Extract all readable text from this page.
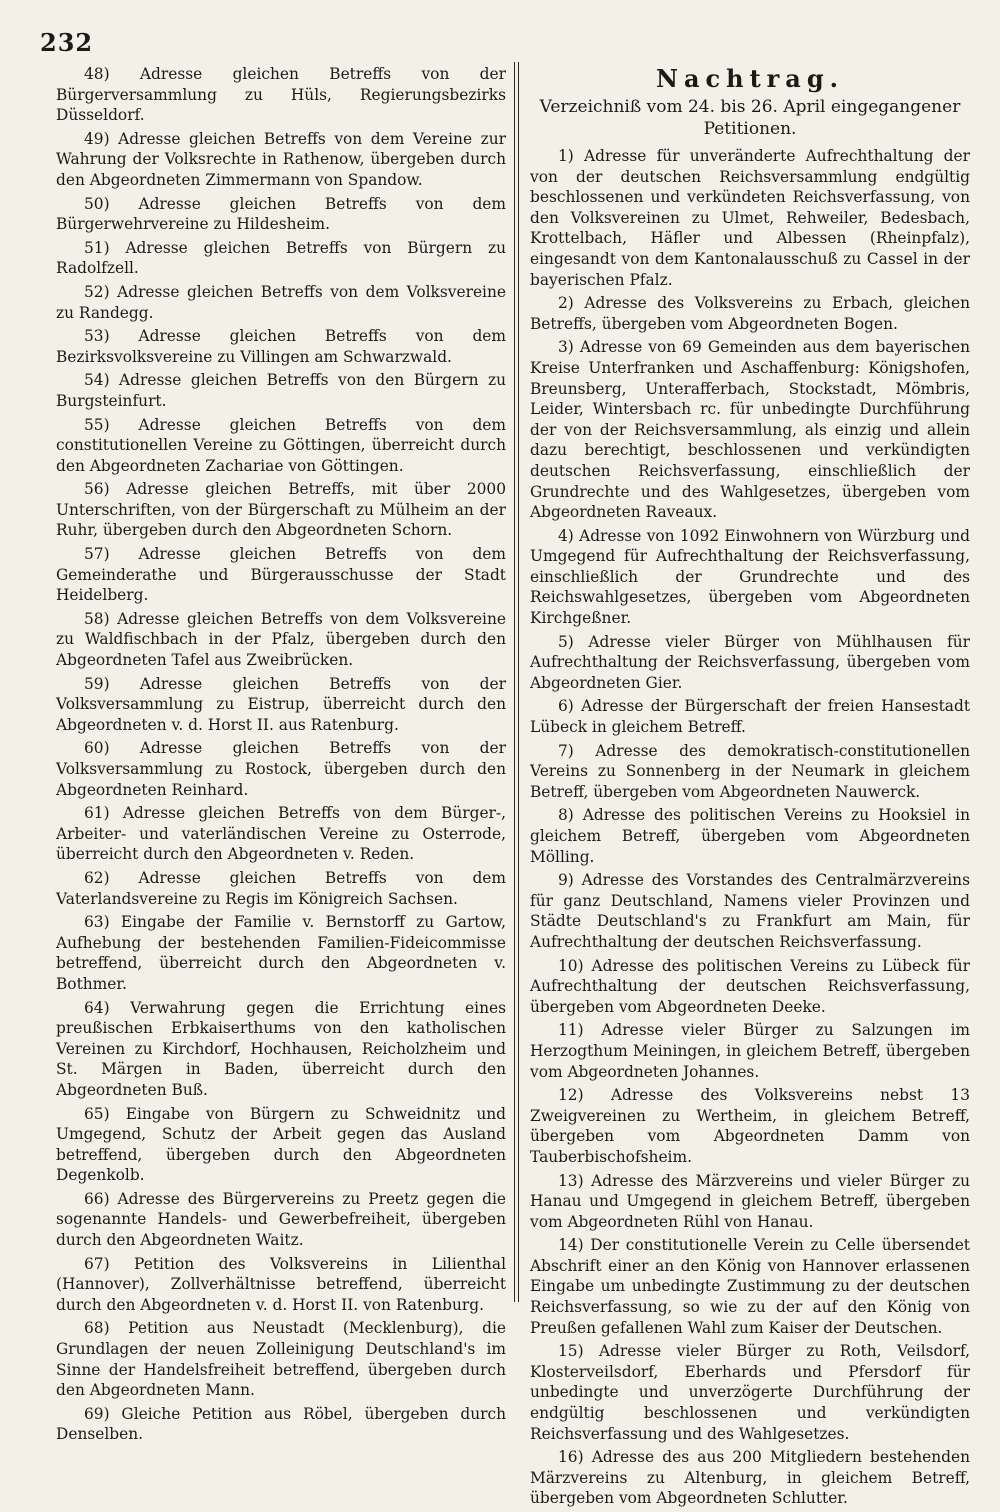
232

48) Adresse gleichen Betreffs von der Bürgerversammlung zu Hüls, Regierungsbezirks Düsseldorf.

49) Adresse gleichen Betreffs von dem Vereine zur Wahrung der Volksrechte in Rathenow, übergeben durch den Abgeordneten Zimmermann von Spandow.

50) Adresse gleichen Betreffs von dem Bürgerwehrvereine zu Hildesheim.

51) Adresse gleichen Betreffs von Bürgern zu Radolfzell.

52) Adresse gleichen Betreffs von dem Volksvereine zu Randegg.

53) Adresse gleichen Betreffs von dem Bezirksvolksvereine zu Villingen am Schwarzwald.

54) Adresse gleichen Betreffs von den Bürgern zu Burgsteinfurt.

55) Adresse gleichen Betreffs von dem constitutionellen Vereine zu Göttingen, überreicht durch den Abgeordneten Zachariae von Göttingen.

56) Adresse gleichen Betreffs, mit über 2000 Unterschriften, von der Bürgerschaft zu Mülheim an der Ruhr, übergeben durch den Abgeordneten Schorn.

57) Adresse gleichen Betreffs von dem Gemeinderathe und Bürgerausschusse der Stadt Heidelberg.

58) Adresse gleichen Betreffs von dem Volksvereine zu Waldfischbach in der Pfalz, übergeben durch den Abgeordneten Tafel aus Zweibrücken.

59) Adresse gleichen Betreffs von der Volksversammlung zu Eistrup, überreicht durch den Abgeordneten v. d. Horst II. aus Ratenburg.

60) Adresse gleichen Betreffs von der Volksversammlung zu Rostock, übergeben durch den Abgeordneten Reinhard.

61) Adresse gleichen Betreffs von dem Bürger-, Arbeiter- und vaterländischen Vereine zu Osterrode, überreicht durch den Abgeordneten v. Reden.

62) Adresse gleichen Betreffs von dem Vaterlandsvereine zu Regis im Königreich Sachsen.

63) Eingabe der Familie v. Bernstorff zu Gartow, Aufhebung der bestehenden Familien-Fideicommisse betreffend, überreicht durch den Abgeordneten v. Bothmer.

64) Verwahrung gegen die Errichtung eines preußischen Erbkaiserthums von den katholischen Vereinen zu Kirchdorf, Hochhausen, Reicholzheim und St. Märgen in Baden, überreicht durch den Abgeordneten Buß.

65) Eingabe von Bürgern zu Schweidnitz und Umgegend, Schutz der Arbeit gegen das Ausland betreffend, übergeben durch den Abgeordneten Degenkolb.

66) Adresse des Bürgervereins zu Preetz gegen die sogenannte Handels- und Gewerbefreiheit, übergeben durch den Abgeordneten Waitz.

67) Petition des Volksvereins in Lilienthal (Hannover), Zollverhältnisse betreffend, überreicht durch den Abgeordneten v. d. Horst II. von Ratenburg.

68) Petition aus Neustadt (Mecklenburg), die Grundlagen der neuen Zolleinigung Deutschland's im Sinne der Handelsfreiheit betreffend, übergeben durch den Abgeordneten Mann.

69) Gleiche Petition aus Röbel, übergeben durch Denselben.

Nachtrag.

Verzeichniß vom 24. bis 26. April eingegangener Petitionen.

1) Adresse für unveränderte Aufrechthaltung der von der deutschen Reichsversammlung endgültig beschlossenen und verkündeten Reichsverfassung, von den Volksvereinen zu Ulmet, Rehweiler, Bedesbach, Krottelbach, Häfler und Albessen (Rheinpfalz), eingesandt von dem Kantonalausschuß zu Cassel in der bayerischen Pfalz.

2) Adresse des Volksvereins zu Erbach, gleichen Betreffs, übergeben vom Abgeordneten Bogen.

3) Adresse von 69 Gemeinden aus dem bayerischen Kreise Unterfranken und Aschaffenburg: Königshofen, Breunsberg, Unterafferbach, Stockstadt, Mömbris, Leider, Wintersbach rc. für unbedingte Durchführung der von der Reichsversammlung, als einzig und allein dazu berechtigt, beschlossenen und verkündigten deutschen Reichsverfassung, einschließlich der Grundrechte und des Wahlgesetzes, übergeben vom Abgeordneten Raveaux.

4) Adresse von 1092 Einwohnern von Würzburg und Umgegend für Aufrechthaltung der Reichsverfassung, einschließlich der Grundrechte und des Reichswahlgesetzes, übergeben vom Abgeordneten Kirchgeßner.

5) Adresse vieler Bürger von Mühlhausen für Aufrechthaltung der Reichsverfassung, übergeben vom Abgeordneten Gier.

6) Adresse der Bürgerschaft der freien Hansestadt Lübeck in gleichem Betreff.

7) Adresse des demokratisch-constitutionellen Vereins zu Sonnenberg in der Neumark in gleichem Betreff, übergeben vom Abgeordneten Nauwerck.

8) Adresse des politischen Vereins zu Hooksiel in gleichem Betreff, übergeben vom Abgeordneten Mölling.

9) Adresse des Vorstandes des Centralmärzvereins für ganz Deutschland, Namens vieler Provinzen und Städte Deutschland's zu Frankfurt am Main, für Aufrechthaltung der deutschen Reichsverfassung.

10) Adresse des politischen Vereins zu Lübeck für Aufrechthaltung der deutschen Reichsverfassung, übergeben vom Abgeordneten Deeke.

11) Adresse vieler Bürger zu Salzungen im Herzogthum Meiningen, in gleichem Betreff, übergeben vom Abgeordneten Johannes.

12) Adresse des Volksvereins nebst 13 Zweigvereinen zu Wertheim, in gleichem Betreff, übergeben vom Abgeordneten Damm von Tauberbischofsheim.

13) Adresse des Märzvereins und vieler Bürger zu Hanau und Umgegend in gleichem Betreff, übergeben vom Abgeordneten Rühl von Hanau.

14) Der constitutionelle Verein zu Celle übersendet Abschrift einer an den König von Hannover erlassenen Eingabe um unbedingte Zustimmung zu der deutschen Reichsverfassung, so wie zu der auf den König von Preußen gefallenen Wahl zum Kaiser der Deutschen.

15) Adresse vieler Bürger zu Roth, Veilsdorf, Klosterveilsdorf, Eberhards und Pfersdorf für unbedingte und unverzögerte Durchführung der endgültig beschlossenen und verkündigten Reichsverfassung und des Wahlgesetzes.

16) Adresse des aus 200 Mitgliedern bestehenden Märzvereins zu Altenburg, in gleichem Betreff, übergeben vom Abgeordneten Schlutter.
